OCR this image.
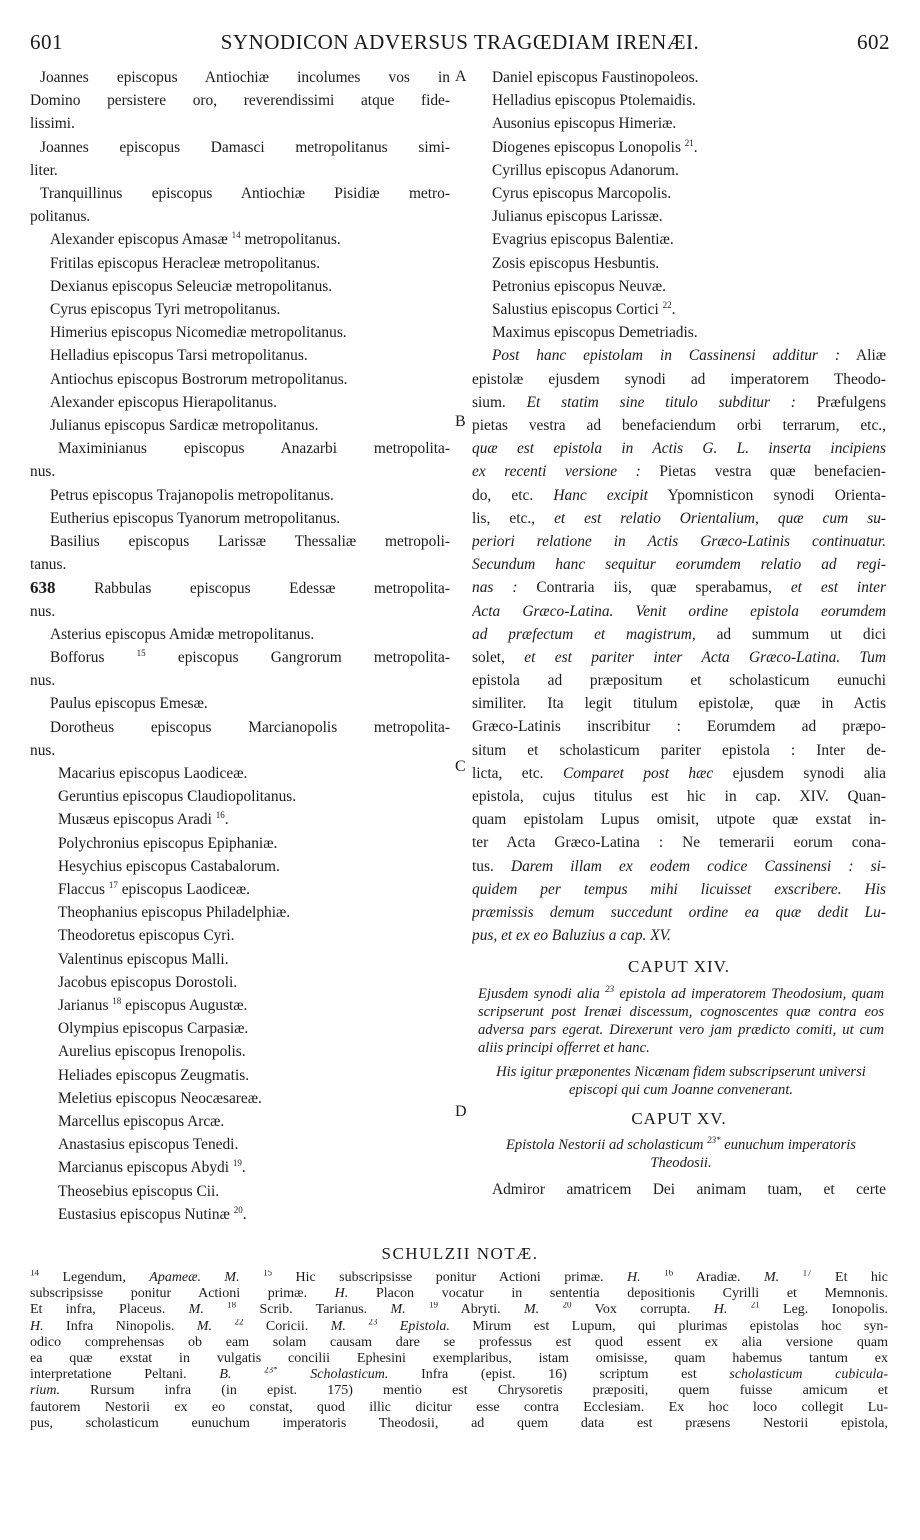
601	SYNODICON ADVERSUS TRAGŒDIAM IRENÆI.	602
Joannes episcopus Antiochiæ incolumes vos in
Domino persistere oro, reverendissimi atque fide-
lissimi.
Joannes episcopus Damasci metropolitanus simi-
liter.
Tranquillinus episcopus Antiochiæ Pisidiæ metro-
politanus.
Alexander episcopus Amasæ $^{14}$ metropolitanus.
Fritilas episcopus Heracleæ metropolitanus.
Dexianus episcopus Seleuciæ metropolitanus.
Cyrus episcopus Tyri metropolitanus.
Himerius episcopus Nicomediæ metropolitanus.
Helladius episcopus Tarsi metropolitanus.
Antiochus episcopus Bostrorum metropolitanus.
Alexander episcopus Hierapolitanus.
Julianus episcopus Sardicæ metropolitanus.
Maximinianus episcopus Anazarbi metropolita-
nus.
Petrus episcopus Trajanopolis metropolitanus.
Eutherius episcopus Tyanorum metropolitanus.
Basilius episcopus Larissæ Thessaliæ metropoli-
tanus.
638 Rabbulas episcopus Edessæ metropolita-
nus.
Asterius episcopus Amidæ metropolitanus.
Bofforus $^{15}$ episcopus Gangrorum metropolita-
nus.
Paulus episcopus Emesæ.
Dorotheus episcopus Marcianopolis metropolita-
nus.
Macarius episcopus Laodiceæ.
Geruntius episcopus Claudiopolitanus.
Musæus episcopus Aradi $^{16}$.
Polychronius episcopus Epiphaniæ.
Hesychius episcopus Castabalorum.
Flaccus $^{17}$ episcopus Laodiceæ.
Theophanius episcopus Philadelphiæ.
Theodoretus episcopus Cyri.
Valentinus episcopus Malli.
Jacobus episcopus Dorostoli.
Jarianus $^{18}$ episcopus Augustæ.
Olympius episcopus Carpasiæ.
Aurelius episcopus Irenopolis.
Heliades episcopus Zeugmatis.
Meletius episcopus Neocæsareæ.
Marcellus episcopus Arcæ.
Anastasius episcopus Tenedi.
Marcianus episcopus Abydi $^{19}$.
Theosebius episcopus Cii.
Eustasius episcopus Nutinæ $^{20}$.
Daniel episcopus Faustinopoleos.
Helladius episcopus Ptolemaidis.
Ausonius episcopus Himeriæ.
Diogenes episcopus Lonopolis $^{21}$.
Cyrillus episcopus Adanorum.
Cyrus episcopus Marcopolis.
Julianus episcopus Larissæ.
Evagrius episcopus Balentiæ.
Zosis episcopus Hesbuntis.
Petronius episcopus Neuvæ.
Salustius episcopus Cortici $^{22}$.
Maximus episcopus Demetriadis.
Post hanc epistolam in Cassinensi additur : Aliæ
epistolæ ejusdem synodi ad imperatorem Theodo-
sium. Et statim sine titulo subditur : Præfulgens
pietas vestra ad benefaciendum orbi terrarum, etc.,
quæ est epistola in Actis G. L. inserta incipiens
ex recenti versione : Pietas vestra quæ benefacien-
do, etc. Hanc excipit Ypomnisticon synodi Orienta-
lis, etc., et est relatio Orientalium, quæ cum su-
periori relatione in Actis Græco-Latinis continuatur.
Secundum hanc sequitur eorumdem relatio ad regi-
nas : Contraria iis, quæ sperabamus, et est inter
Acta Græco-Latina. Venit ordine epistola eorumdem
ad præfectum et magistrum, ad summum ut dici
solet, et est pariter inter Acta Græco-Latina. Tum
epistola ad præpositum et scholasticum eunuchi
similiter. Ita legit titulum epistolæ, quæ in Actis
Græco-Latinis inscribitur : Eorumdem ad præpo-
situm et scholasticum pariter epistola : Inter de-
licta, etc. Comparet post hæc ejusdem synodi alia
epistola, cujus titulus est hic in cap. XIV. Quan-
quam epistolam Lupus omisit, utpote quæ exstat in-
ter Acta Græco-Latina : Ne temerarii eorum cona-
tus. Darem illam ex eodem codice Cassinensi : si-
quidem per tempus mihi licuisset exscribere. His
præmissis demum succedunt ordine ea quæ dedit Lu-
pus, et ex eo Baluzius a cap. XV.
CAPUT XIV.
Ejusdem synodi alia $^{23}$ epistola ad imperatorem Theodosium, quam scripserunt post Irenæi discessum, cognoscentes quæ contra eos adversa pars egerat. Direxerunt vero jam prædicto comiti, ut cum aliis principi offerret et hanc.
His igitur præponentes Nicænam fidem subscripserunt universi episcopi qui cum Joanne convenerant.
CAPUT XV.
Epistola Nestorii ad scholasticum $^{23*}$ eunuchum imperatoris Theodosii.
Admiror amatricem Dei animam tuam, et certe
A
B
C
D
SCHULZII NOTÆ.
$^{14}$ Legendum, Apameæ. M.	$^{15}$ Hic subscripsisse ponitur Actioni primæ. H.	$^{16}$ Aradiæ. M.	$^{17}$ Et hic
subscripsisse ponitur Actioni primæ. H. Placon vocatur in sententia depositionis Cyrilli et Memnonis.
Et infra, Placeus. M.	$^{18}$ Scrib. Tarianus. M.	$^{19}$ Abryti. M.	$^{20}$ Vox corrupta. H.	$^{21}$ Leg. Ionopolis.
H. Infra Ninopolis. M. $^{22}$ Coricii. M. $^{23}$ Epistola. Mirum est Lupum, qui plurimas epistolas hoc syn-
odico comprehensas ob eam solam causam dare se professus est quod essent ex alia versione quam
ea quæ exstat in vulgatis concilii Ephesini exemplaribus, istam omisisse, quam habemus tantum ex
interpretatione Peltani. B.	$^{23*}$ Scholasticum. Infra (epist. 16) scriptum est scholasticum cubicula-
rium. Rursum infra (in epist. 175) mentio est Chrysoretis præpositi, quem fuisse amicum et
fautorem Nestorii ex eo constat, quod illic dicitur esse contra Ecclesiam. Ex hoc loco collegit Lu-
pus, scholasticum eunuchum imperatoris Theodosii, ad quem data est præsens Nestorii epistola,
